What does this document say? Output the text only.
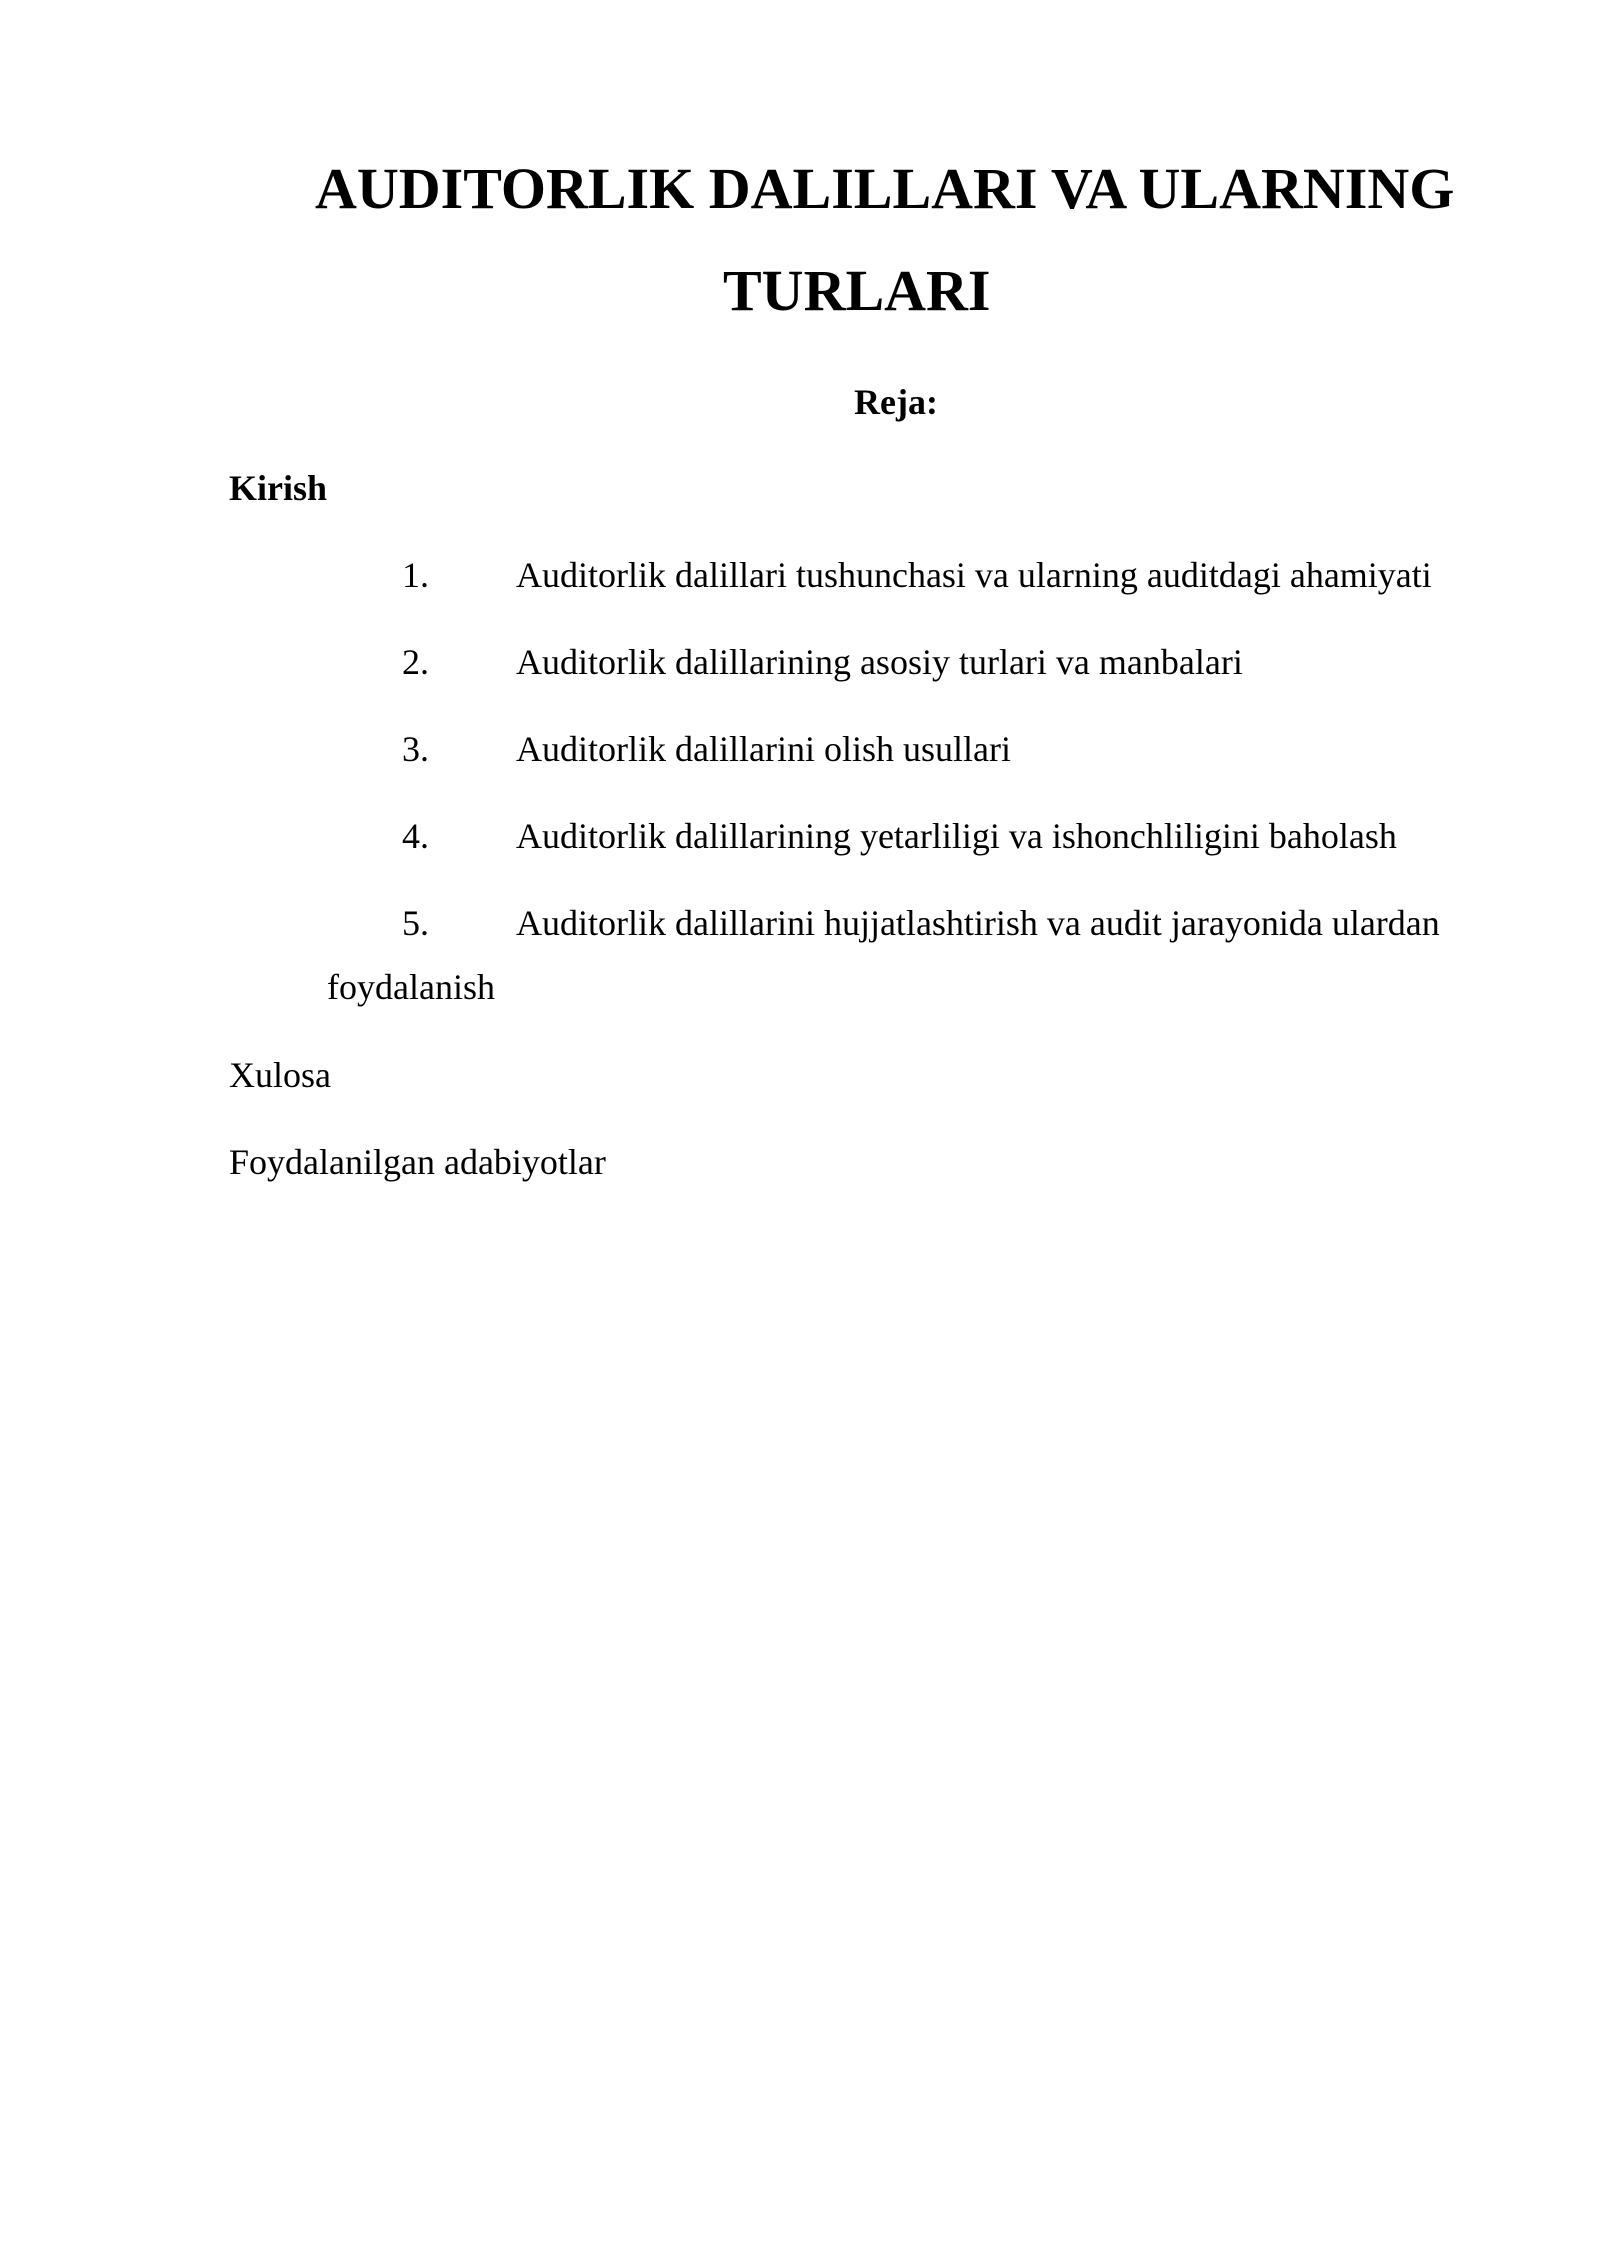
AUDITORLIK DALILLARI VA ULARNING
TURLARI
Reja:
Kirish
1. Auditorlik dalillari tushunchasi va ularning auditdagi ahamiyati
2. Auditorlik dalillarining asosiy turlari va manbalari
3. Auditorlik dalillarini olish usullari
4. Auditorlik dalillarining yetarliligi va ishonchliligini baholash
5. Auditorlik dalillarini hujjatlashtirish va audit jarayonida ulardan
foydalanish
Xulosa
Foydalanilgan adabiyotlar
